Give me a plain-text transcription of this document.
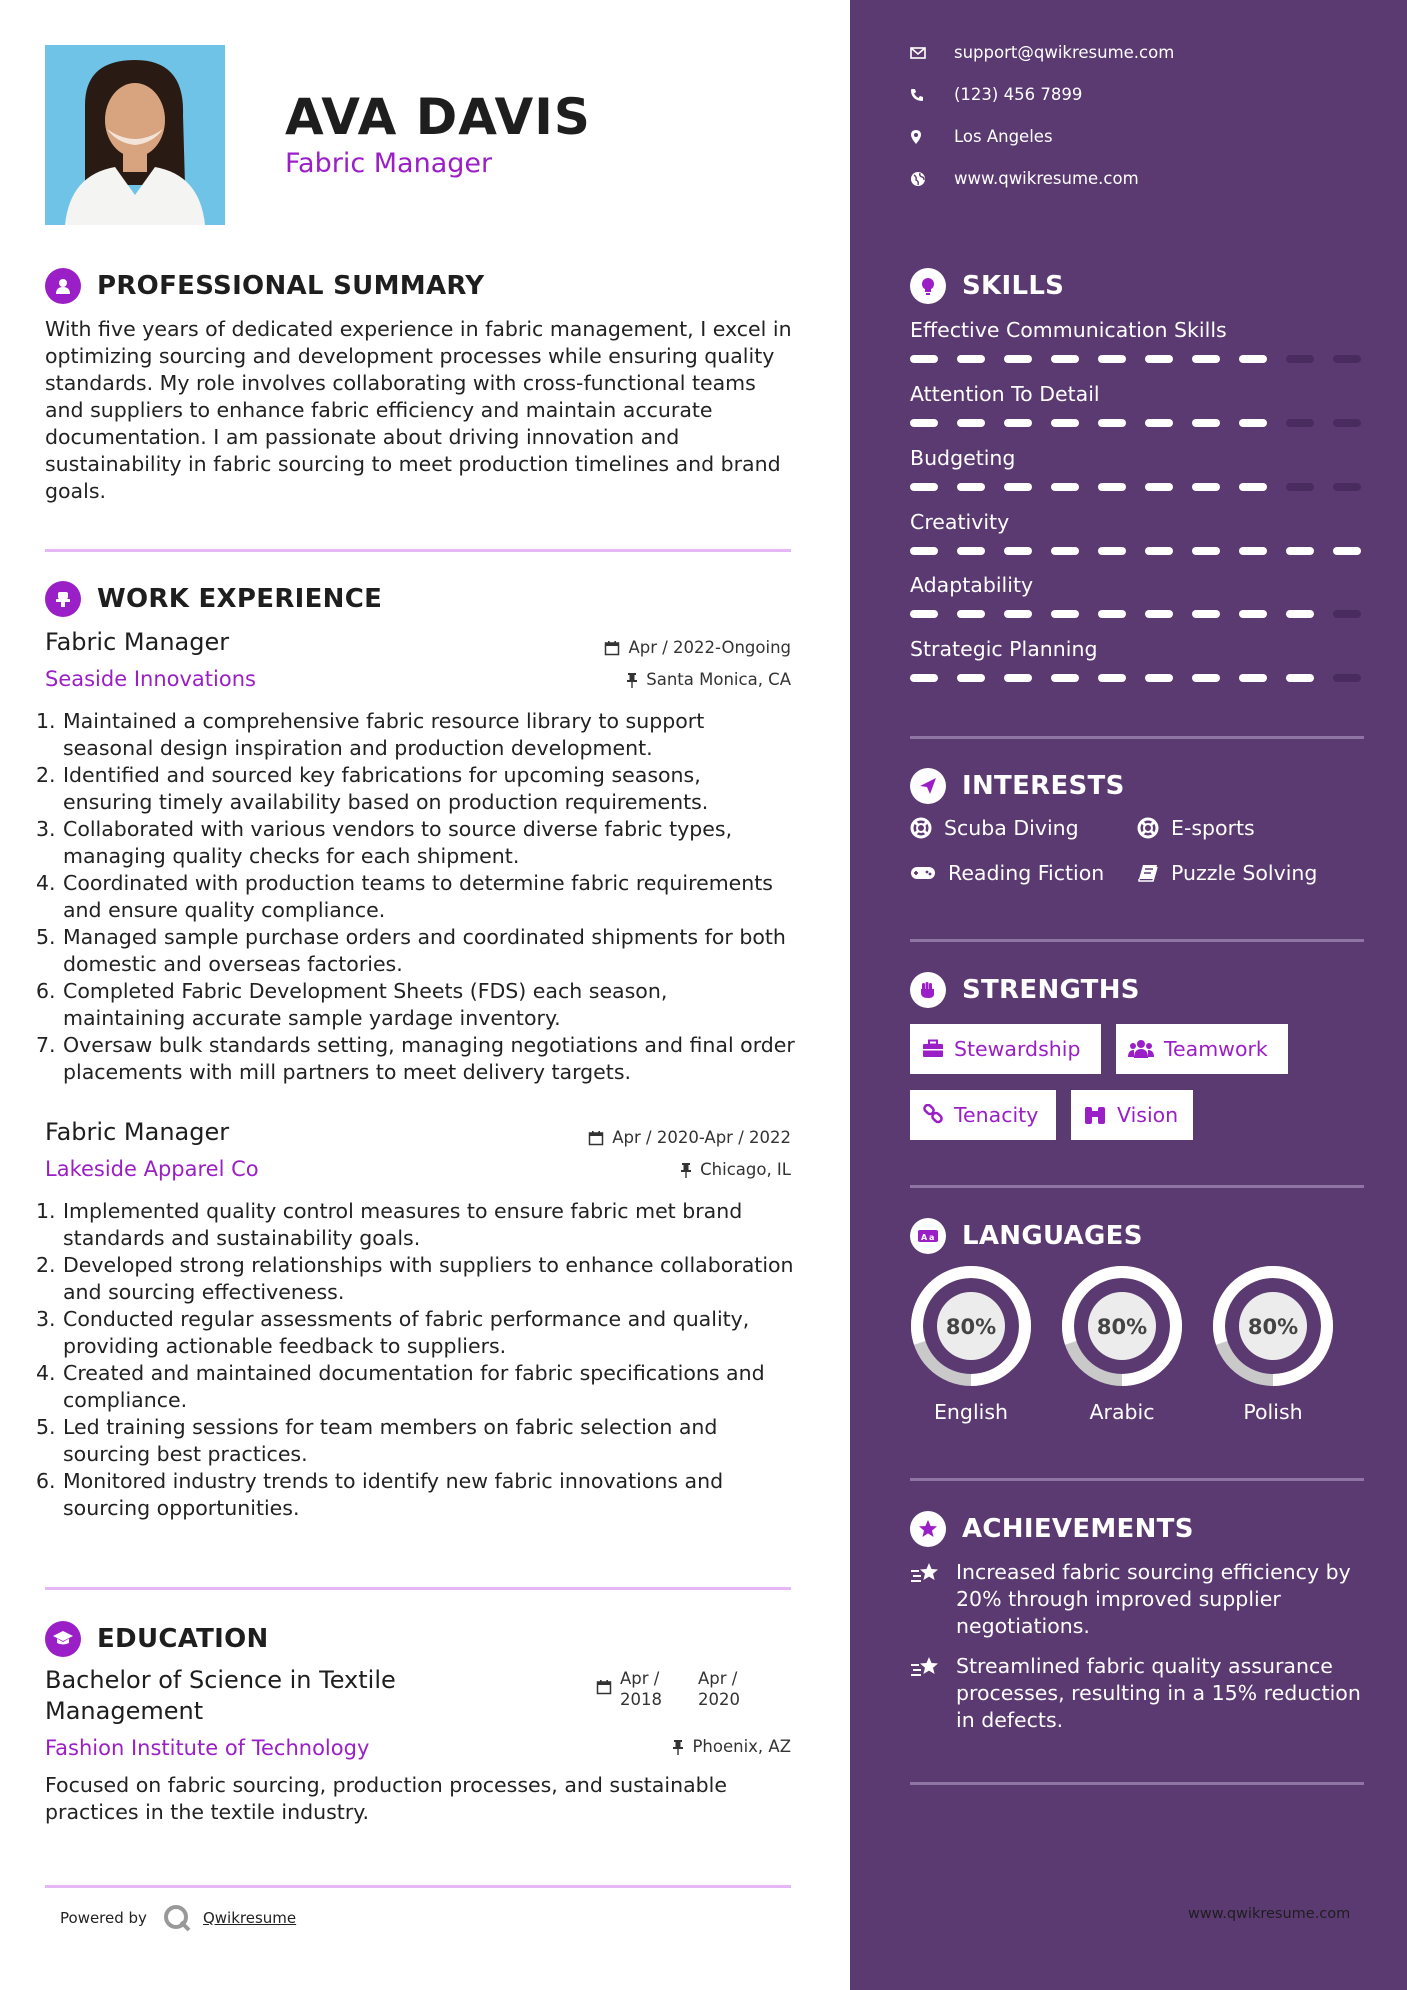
AVA DAVIS
Fabric Manager
PROFESSIONAL SUMMARY
With five years of dedicated experience in fabric management, I excel in optimizing sourcing and development processes while ensuring quality standards. My role involves collaborating with cross-functional teams and suppliers to enhance fabric efficiency and maintain accurate documentation. I am passionate about driving innovation and sustainability in fabric sourcing to meet production timelines and brand goals.
WORK EXPERIENCE
Fabric Manager
Seaside Innovations
Apr / 2022-Ongoing
Santa Monica, CA
1. Maintained a comprehensive fabric resource library to support seasonal design inspiration and production development.
2. Identified and sourced key fabrications for upcoming seasons, ensuring timely availability based on production requirements.
3. Collaborated with various vendors to source diverse fabric types, managing quality checks for each shipment.
4. Coordinated with production teams to determine fabric requirements and ensure quality compliance.
5. Managed sample purchase orders and coordinated shipments for both domestic and overseas factories.
6. Completed Fabric Development Sheets (FDS) each season, maintaining accurate sample yardage inventory.
7. Oversaw bulk standards setting, managing negotiations and final order placements with mill partners to meet delivery targets.
Fabric Manager
Lakeside Apparel Co
Apr / 2020-Apr / 2022
Chicago, IL
1. Implemented quality control measures to ensure fabric met brand standards and sustainability goals.
2. Developed strong relationships with suppliers to enhance collaboration and sourcing effectiveness.
3. Conducted regular assessments of fabric performance and quality, providing actionable feedback to suppliers.
4. Created and maintained documentation for fabric specifications and compliance.
5. Led training sessions for team members on fabric selection and sourcing best practices.
6. Monitored industry trends to identify new fabric innovations and sourcing opportunities.
EDUCATION
Bachelor of Science in Textile Management
Apr /
2018
Apr /
2020
Fashion Institute of Technology	Phoenix, AZ
Focused on fabric sourcing, production processes, and sustainable practices in the textile industry.
Powered by	Qwikresume
support@qwikresume.com
(123) 456 7899
Los Angeles
www.qwikresume.com
SKILLS
Effective Communication Skills
Attention To Detail
Budgeting
Creativity
Adaptability
Strategic Planning
INTERESTS
Scuba Diving	E-sports
Reading Fiction	Puzzle Solving
STRENGTHS
Stewardship	Teamwork
Tenacity	Vision
A a LANGUAGES
80%
English
80%
Arabic
80%
Polish
ACHIEVEMENTS
Increased fabric sourcing efficiency by 20% through improved supplier negotiations.
Streamlined fabric quality assurance processes, resulting in a 15% reduction in defects.
www.qwikresume.com
